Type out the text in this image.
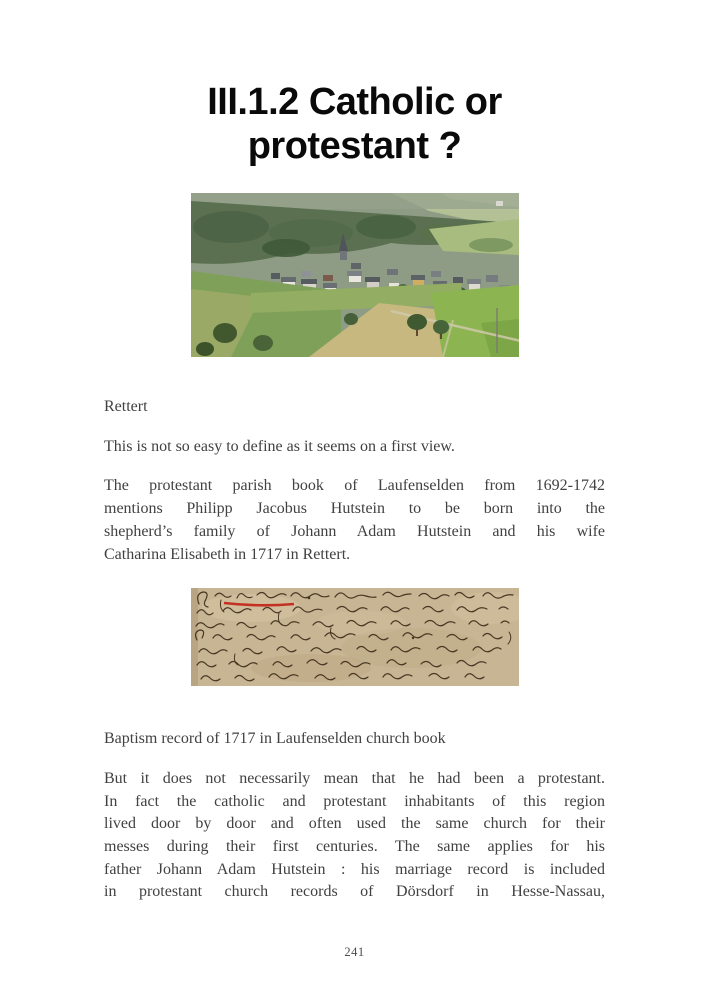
III.1.2 Catholic or
protestant ?

Rettert

This is not so easy to define as it seems on a first view.

The protestant parish book of Laufenselden from 1692-1742
mentions Philipp Jacobus Hutstein to be born into the
shepherd’s family of Johann Adam Hutstein and his wife
Catharina Elisabeth in 1717 in Rettert.

Baptism record of 1717 in Laufenselden church book

But it does not necessarily mean that he had been a protestant.
In fact the catholic and protestant inhabitants of this region
lived door by door and often used the same church for their
messes during their first centuries. The same applies for his
father Johann Adam Hutstein : his marriage record is included
in protestant church records of Dörsdorf in Hesse-Nassau,
241
